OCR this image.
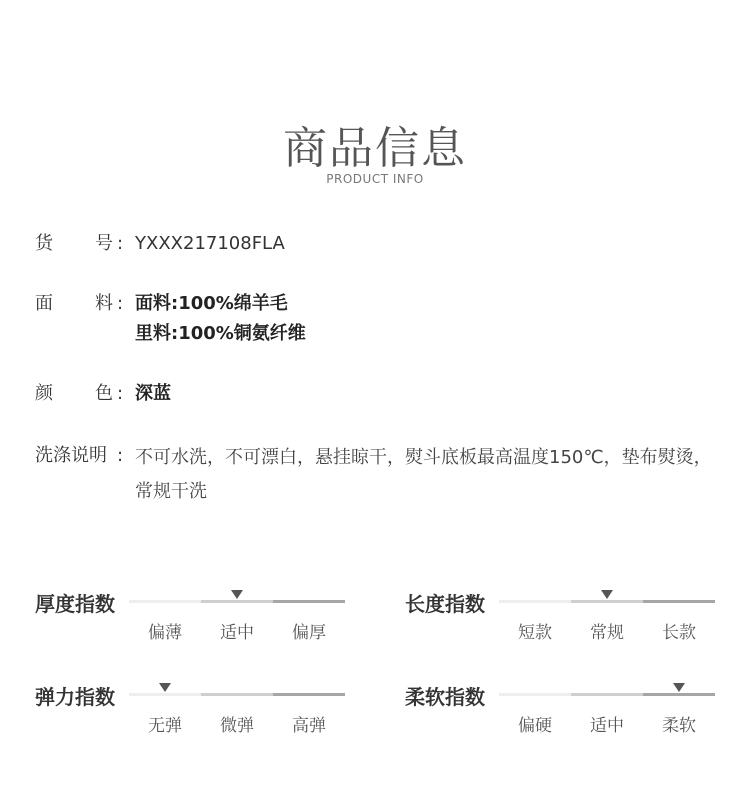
商品信息
PRODUCT INFO
货 号 : YXXX217108FLA
面 料 : 面料:100%绵羊毛
里料:100%铜氨纤维
颜 色 : 深蓝
洗涤说明 : 不可水洗，不可漂白，悬挂晾干，熨斗底板最高温度150℃，垫布熨烫，常规干洗
厚度指数
偏薄	适中	偏厚
长度指数
短款	常规	长款
弹力指数
无弹	微弹	高弹
柔软指数
偏硬	适中	柔软
